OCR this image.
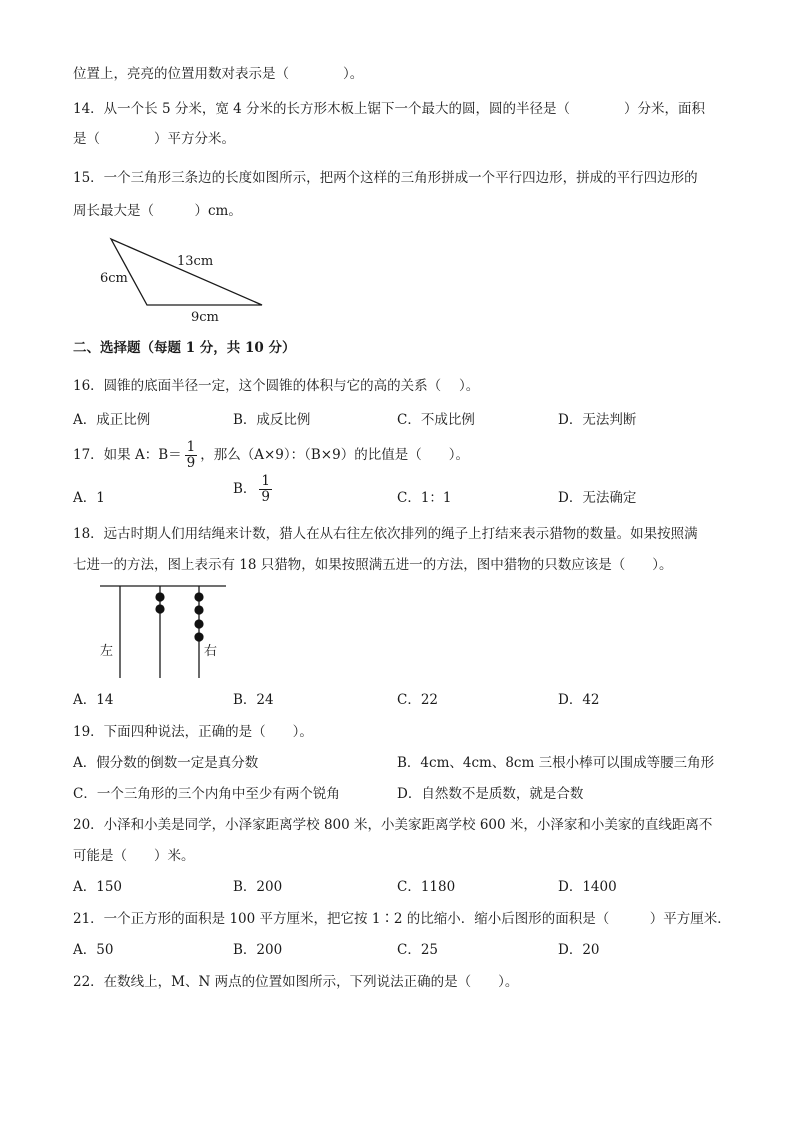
位置上，亮亮的位置用数对表示是（　　　　）。
14．从一个长 5 分米，宽 4 分米的长方形木板上锯下一个最大的圆，圆的半径是（　　　　）分米，面积
是（　　　　）平方分米。
15．一个三角形三条边的长度如图所示，把两个这样的三角形拼成一个平行四边形，拼成的平行四边形的
周长最大是（　　　）cm。
6cm
13cm
9cm
二、选择题（每题 1 分，共 10 分）
16．圆锥的底面半径一定，这个圆锥的体积与它的高的关系（　 ）。
A．成正比例	B．成反比例	C．不成比例	D．无法判断
17．如果 A：$B= \frac{1}{9}$ ，那么（A×9）：（B×9）的比值是（　　）。
A．1
B． $\frac{1}{9}$	C．1：1	D．无法确定
18．远古时期人们用结绳来计数，猎人在从右往左依次排列的绳子上打结来表示猎物的数量。如果按照满
七进一的方法，图上表示有 18 只猎物，如果按照满五进一的方法，图中猎物的只数应该是（　　）。
左	右
A．14	B．24	C．22	D．42
19．下面四种说法，正确的是（　　）。
A．假分数的倒数一定是真分数	B．4cm、4cm、8cm 三根小棒可以围成等腰三角形
C．一个三角形的三个内角中至少有两个锐角	D．自然数不是质数，就是合数
20．小泽和小美是同学，小泽家距离学校 800 米，小美家距离学校 600 米，小泽家和小美家的直线距离不
可能是（　　）米。
A．150	B．200	C．1180	D．1400
21．一个正方形的面积是 100 平方厘米，把它按 1∶2 的比缩小．缩小后图形的面积是（　　　）平方厘米．
A．50	B．200	C．25	D．20
22．在数线上，M、N 两点的位置如图所示，下列说法正确的是（　　）。
